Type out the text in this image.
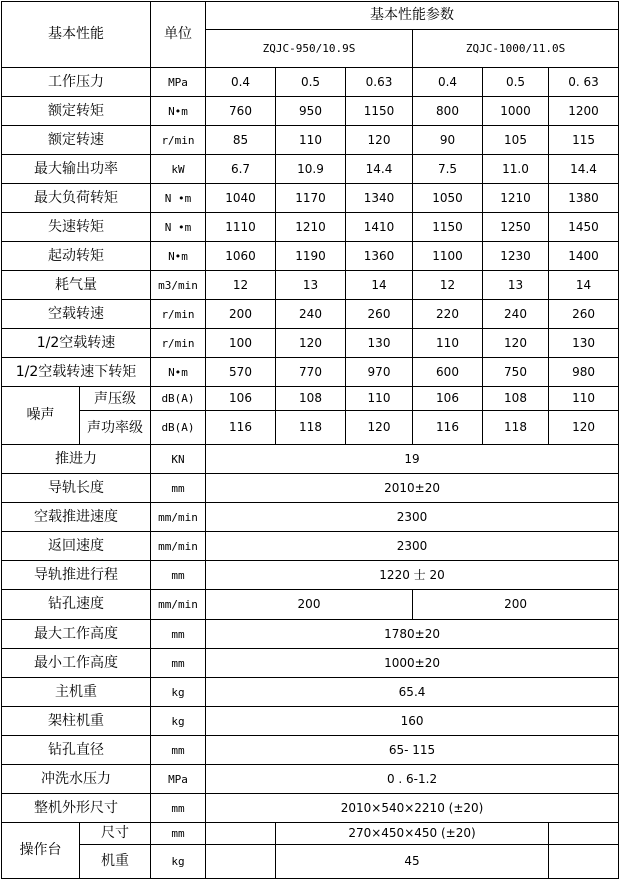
基本性能		单位	基本性能参数					
			ZQJC-950/10.9S			ZQJC-1000/11.0S		
工作压力		MPa	0.4	0.5	0.63	0.4	0.5	0. 63
额定转矩		N•m	760	950	1150	800	1000	1200
额定转速		r/min	85	110	120	90	105	115
最大输出功率		kW	6.7	10.9	14.4	7.5	11.0	14.4
最大负荷转矩		N •m	1040	1170	1340	1050	1210	1380
失速转矩		N •m	1110	1210	1410	1150	1250	1450
起动转矩		N•m	1060	1190	1360	1100	1230	1400
耗气量		m3/min	12	13	14	12	13	14
空载转速		r/min	200	240	260	220	240	260
1/2空载转速		r/min	100	120	130	110	120	130
1/2空载转速下转矩		N•m	570	770	970	600	750	980
噪声	声压级	dB(A)	106	108	110	106	108	110
	声功率级	dB(A)	116	118	120	116	118	120
推进力		KN	19					
导轨长度		mm	2010±20					
空载推进速度		mm/min	2300					
返回速度		mm/min	2300					
导轨推进行程		mm	1220 士 20					
钻孔速度		mm/min	200			200		
最大工作高度		mm	1780±20					
最小工作高度		mm	1000±20					
主机重		kg	65.4					
架柱机重		kg	160					
钻孔直径		mm	65- 115					
冲洗水压力		MPa	0 . 6-1.2					
整机外形尺寸		mm	2010×540×2210 (±20)					
操作台	尺寸	mm		270×450×450 (±20)				
	机重	kg		45				
